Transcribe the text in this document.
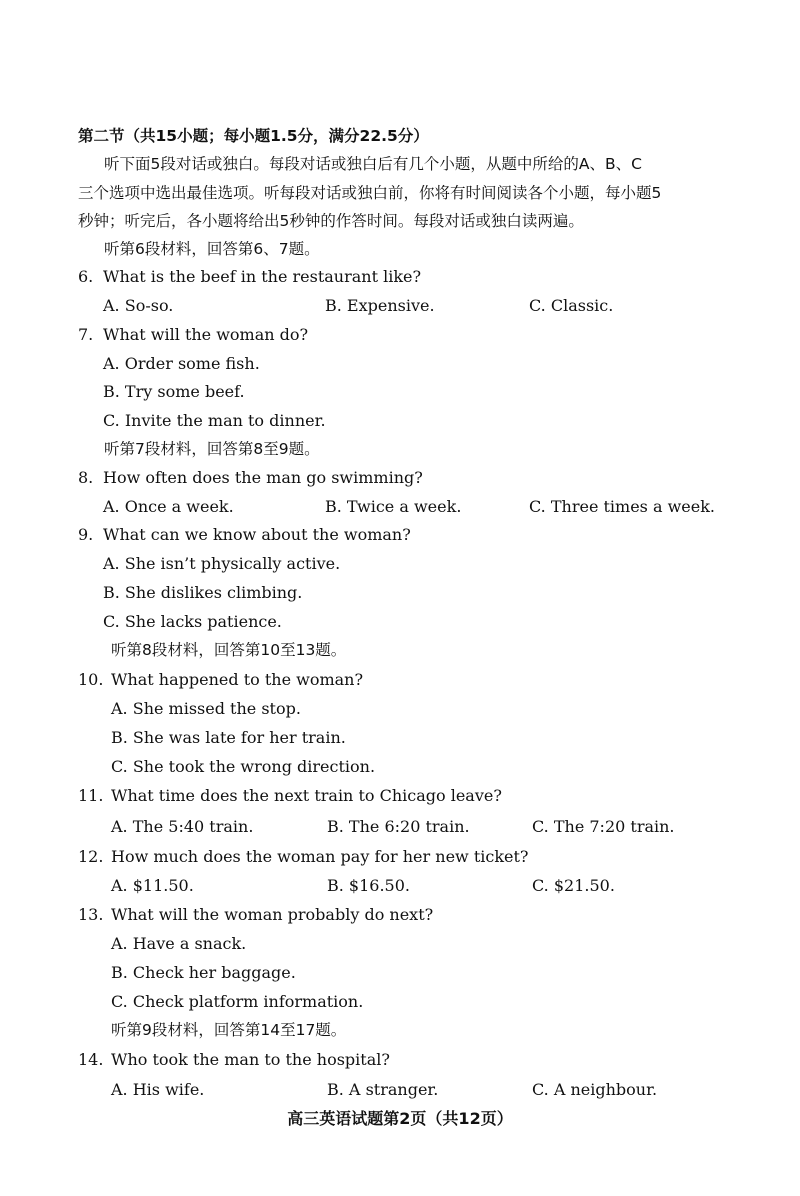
第二节（共15小题；每小题1.5分，满分22.5分）
听下面5段对话或独白。每段对话或独白后有几个小题，从题中所给的A、B、C
三个选项中选出最佳选项。听每段对话或独白前，你将有时间阅读各个小题，每小题5
秒钟；听完后，各小题将给出5秒钟的作答时间。每段对话或独白读两遍。
听第6段材料，回答第6、7题。
6. What is the beef in the restaurant like?
A. So-so.	B. Expensive.	C. Classic.
7. What will the woman do?
A. Order some fish.
B. Try some beef.
C. Invite the man to dinner.
听第7段材料，回答第8至9题。
8. How often does the man go swimming?
A. Once a week.	B. Twice a week.	C. Three times a week.
9. What can we know about the woman?
A. She isn’t physically active.
B. She dislikes climbing.
C. She lacks patience.
听第8段材料，回答第10至13题。
10. What happened to the woman?
A. She missed the stop.
B. She was late for her train.
C. She took the wrong direction.
11. What time does the next train to Chicago leave?
A. The 5:40 train.	B. The 6:20 train.	C. The 7:20 train.
12. How much does the woman pay for her new ticket?
A. $11.50.	B. $16.50.	C. $21.50.
13. What will the woman probably do next?
A. Have a snack.
B. Check her baggage.
C. Check platform information.
听第9段材料，回答第14至17题。
14. Who took the man to the hospital?
A. His wife.	B. A stranger.	C. A neighbour.
高三英语试题第2页（共12页）
